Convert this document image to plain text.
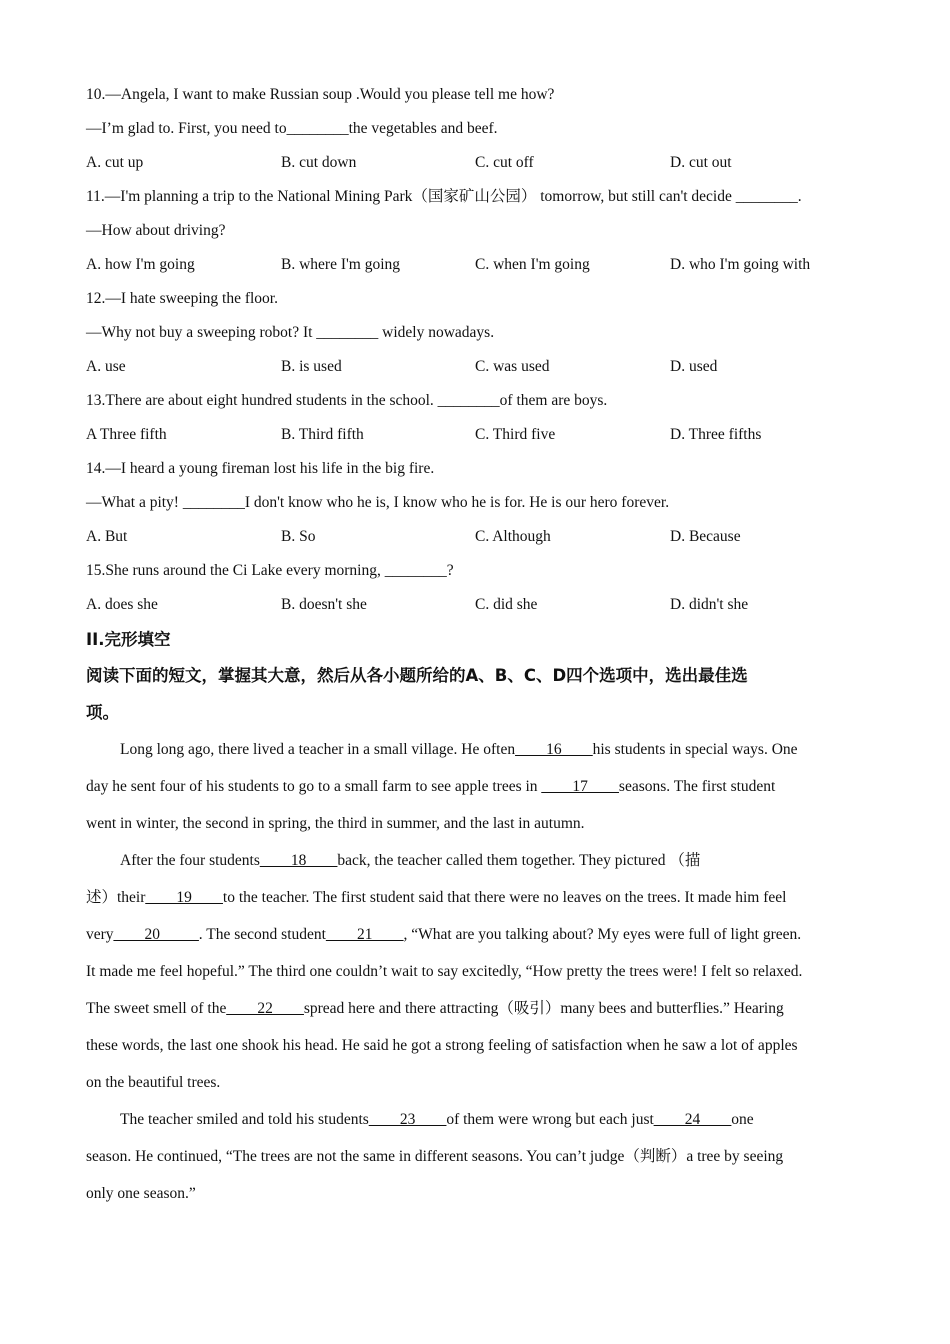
10.—Angela, I want to make Russian soup .Would you please tell me how?
—I’m glad to. First, you need to________the vegetables and beef.
A. cut up	B. cut down	C. cut off	D. cut out
11.—I'm planning a trip to the National Mining Park（国家矿山公园） tomorrow, but still can't decide ________.
—How about driving?
A. how I'm going	B. where I'm going	C. when I'm going	D. who I'm going with
12.—I hate sweeping the floor.
—Why not buy a sweeping robot? It ________ widely nowadays.
A. use	B. is used	C. was used	D. used
13.There are about eight hundred students in the school. ________of them are boys.
A Three fifth	B. Third fifth	C. Third five	D. Three fifths
14.—I heard a young fireman lost his life in the big fire.
—What a pity! ________I don't know who he is, I know who he is for. He is our hero forever.
A. But	B. So	C. Although	D. Because
15.She runs around the Ci Lake every morning, ________?
A. does she	B. doesn't she	C. did she	D. didn't she
II.完形填空
阅读下面的短文，掌握其大意，然后从各小题所给的A、B、C、D四个选项中，选出最佳选
项。
Long long ago, there lived a teacher in a small village. He often____16____his students in special ways. One
day he sent four of his students to go to a small farm to see apple trees in ____17____seasons. The first student
went in winter, the second in spring, the third in summer, and the last in autumn.
After the four students____18____back, the teacher called them together. They pictured （描
述）their____19____to the teacher. The first student said that there were no leaves on the trees. It made him feel
very____20_____. The second student____21____, “What are you talking about? My eyes were full of light green.
It made me feel hopeful.” The third one couldn’t wait to say excitedly, “How pretty the trees were! I felt so relaxed.
The sweet smell of the____22____spread here and there attracting（吸引）many bees and butterflies.” Hearing
these words, the last one shook his head. He said he got a strong feeling of satisfaction when he saw a lot of apples
on the beautiful trees.
The teacher smiled and told his students____23____of them were wrong but each just____24____one
season. He continued, “The trees are not the same in different seasons. You can’t judge（判断）a tree by seeing
only one season.”
